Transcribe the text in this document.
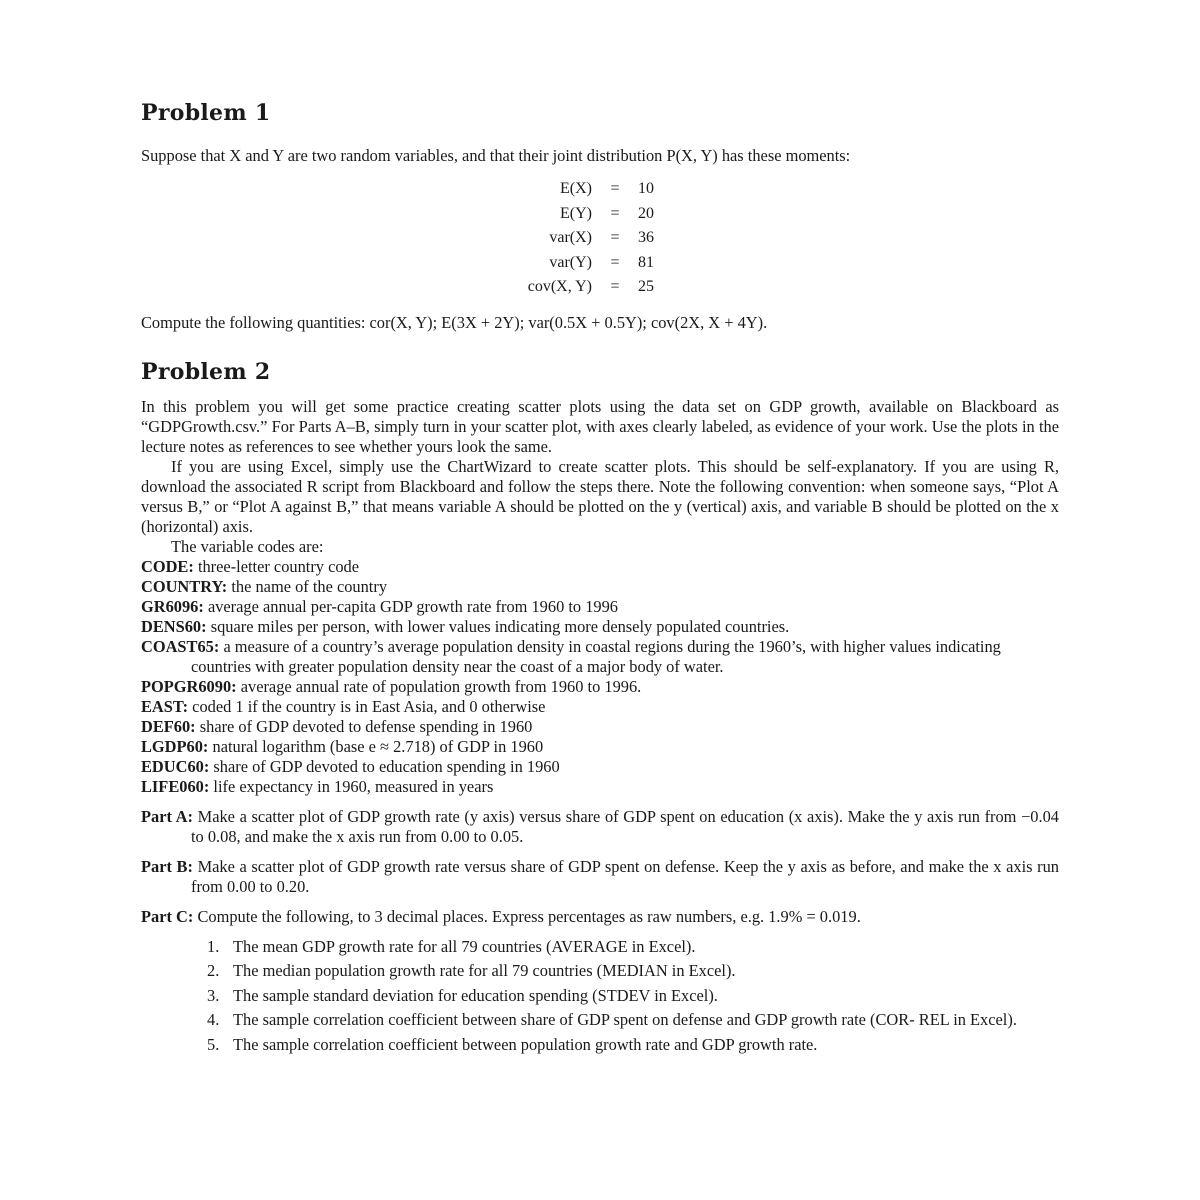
Problem 1

Suppose that X and Y are two random variables, and that their joint distribution P(X, Y) has these moments:

E(X)	=	10
E(Y)	=	20
var(X)	=	36
var(Y)	=	81
cov(X, Y)	=	25

Compute the following quantities: cor(X, Y); E(3X + 2Y); var(0.5X + 0.5Y); cov(2X, X + 4Y).

Problem 2

In this problem you will get some practice creating scatter plots using the data set on GDP growth, available on Blackboard as “GDPGrowth.csv.” For Parts A–B, simply turn in your scatter plot, with axes clearly labeled, as evidence of your work. Use the plots in the lecture notes as references to see whether yours look the same.

If you are using Excel, simply use the ChartWizard to create scatter plots. This should be self-explanatory. If you are using R, download the associated R script from Blackboard and follow the steps there. Note the following convention: when someone says, “Plot A versus B,” or “Plot A against B,” that means variable A should be plotted on the y (vertical) axis, and variable B should be plotted on the x (horizontal) axis.

The variable codes are:

CODE: three-letter country code
COUNTRY: the name of the country
GR6096: average annual per-capita GDP growth rate from 1960 to 1996
DENS60: square miles per person, with lower values indicating more densely populated countries.
COAST65: a measure of a country’s average population density in coastal regions during the 1960’s, with higher values indicating countries with greater population density near the coast of a major body of water.
POPGR6090: average annual rate of population growth from 1960 to 1996.
EAST: coded 1 if the country is in East Asia, and 0 otherwise
DEF60: share of GDP devoted to defense spending in 1960
LGDP60: natural logarithm (base e ≈ 2.718) of GDP in 1960
EDUC60: share of GDP devoted to education spending in 1960
LIFE060: life expectancy in 1960, measured in years

Part A: Make a scatter plot of GDP growth rate (y axis) versus share of GDP spent on education (x axis). Make the y axis run from −0.04 to 0.08, and make the x axis run from 0.00 to 0.05.

Part B: Make a scatter plot of GDP growth rate versus share of GDP spent on defense. Keep the y axis as before, and make the x axis run from 0.00 to 0.20.

Part C: Compute the following, to 3 decimal places. Express percentages as raw numbers, e.g. 1.9% = 0.019.

1. The mean GDP growth rate for all 79 countries (AVERAGE in Excel).
2. The median population growth rate for all 79 countries (MEDIAN in Excel).
3. The sample standard deviation for education spending (STDEV in Excel).
4. The sample correlation coefficient between share of GDP spent on defense and GDP growth rate (COR- REL in Excel).
5. The sample correlation coefficient between population growth rate and GDP growth rate.
